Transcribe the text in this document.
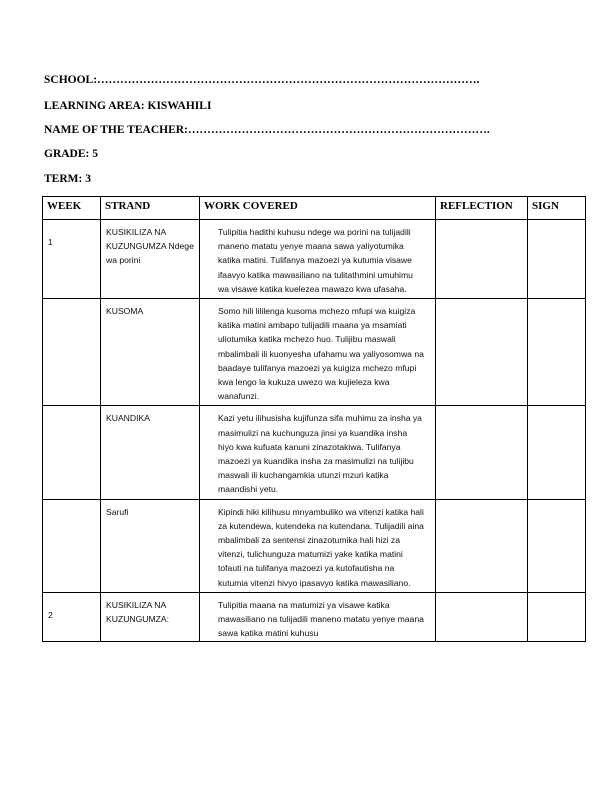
SCHOOL:……………………………………………………………………………………….
LEARNING AREA: KISWAHILI
NAME OF THE TEACHER:…………………………………………………………………….
GRADE: 5
TERM: 3
WEEK	STRAND	WORK COVERED	REFLECTION	SIGN

1	KUSIKILIZA NA KUZUNGUMZA Ndege wa porini	Tulipitia hadithi kuhusu ndege wa porini na tulijadili maneno matatu yenye maana sawa yaliyotumika katika matini. Tulifanya mazoezi ya kutumia visawe ifaavyo katika mawasiliano na tulitathmini umuhimu wa visawe katika kuelezea mawazo kwa ufasaha.		
	KUSOMA	Somo hili lililenga kusoma mchezo mfupi wa kuigiza katika matini ambapo tulijadili maana ya msamiati uliotumika katika mchezo huo. Tulijibu maswali mbalimbali ili kuonyesha ufahamu wa yaliyosomwa na baadaye tulifanya mazoezi ya kuigiza mchezo mfupi kwa lengo la kukuza uwezo wa kujieleza kwa wanafunzi.		
	KUANDIKA	Kazi yetu ilihusisha kujifunza sifa muhimu za insha ya masimulizi na kuchunguza jinsi ya kuandika insha hiyo kwa kufuata kanuni zinazotakiwa. Tulifanya mazoezi ya kuandika insha za masimulizi na tulijibu maswali ili kuchangamkia utunzi mzuri katika maandishi yetu.		
	Sarufi	Kipindi hiki kilihusu mnyambuliko wa vitenzi katika hali za kutendewa, kutendeka na kutendana. Tulijadili aina mbalimbali za sentensi zinazotumika hali hizi za vitenzi, tulichunguza matumizi yake katika matini tofauti na tulifanya mazoezi ya kutofautisha na kutumia vitenzi hivyo ipasavyo katika mawasiliano.		

2	KUSIKILIZA NA KUZUNGUMZA:	Tulipitia maana na matumizi ya visawe katika mawasiliano na tulijadili maneno matatu yenye maana sawa katika matini kuhusu		
